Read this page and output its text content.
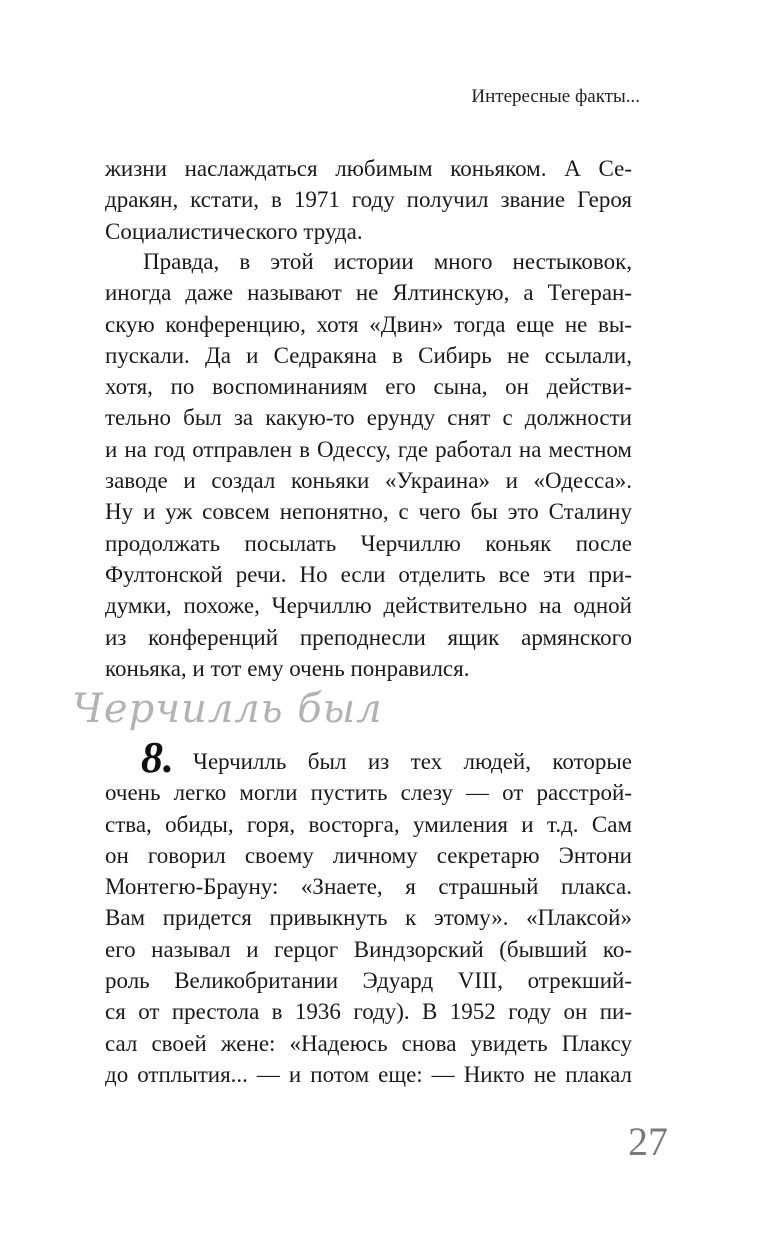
Интересные факты...
жизни наслаждаться любимым коньяком. А Се-
дракян, кстати, в 1971 году получил звание Героя
Социалистического труда.
Правда, в этой истории много нестыковок,
иногда даже называют не Ялтинскую, а Тегеран-
скую конференцию, хотя «Двин» тогда еще не вы-
пускали. Да и Седракяна в Сибирь не ссылали,
хотя, по воспоминаниям его сына, он действи-
тельно был за какую-то ерунду снят с должности
и на год отправлен в Одессу, где работал на местном
заводе и создал коньяки «Украина» и «Одесса».
Ну и уж совсем непонятно, с чего бы это Сталину
продолжать посылать Черчиллю коньяк после
Фултонской речи. Но если отделить все эти при-
думки, похоже, Черчиллю действительно на одной
из конференций преподнесли ящик армянского
коньяка, и тот ему очень понравился.
Черчилль был
8. Черчилль был из тех людей, которые
очень легко могли пустить слезу — от расстрой-
ства, обиды, горя, восторга, умиления и т.д. Сам
он говорил своему личному секретарю Энтони
Монтегю-Брауну: «Знаете, я страшный плакса.
Вам придется привыкнуть к этому». «Плаксой»
его называл и герцог Виндзорский (бывший ко-
роль Великобритании Эдуард VIII, отрекший-
ся от престола в 1936 году). В 1952 году он пи-
сал своей жене: «Надеюсь снова увидеть Плаксу
до отплытия... — и потом еще: — Никто не плакал
27
